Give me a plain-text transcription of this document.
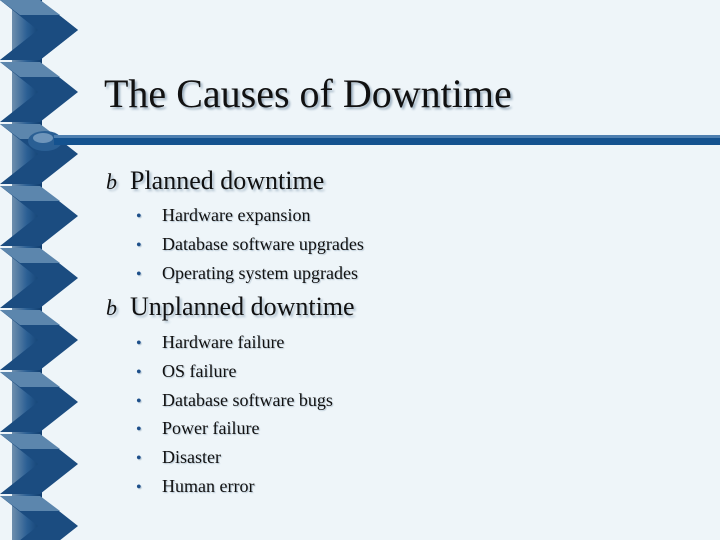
The Causes of Downtime
b Planned downtime
• Hardware expansion
• Database software upgrades
• Operating system upgrades
b Unplanned downtime
• Hardware failure
• OS failure
• Database software bugs
• Power failure
• Disaster
• Human error
